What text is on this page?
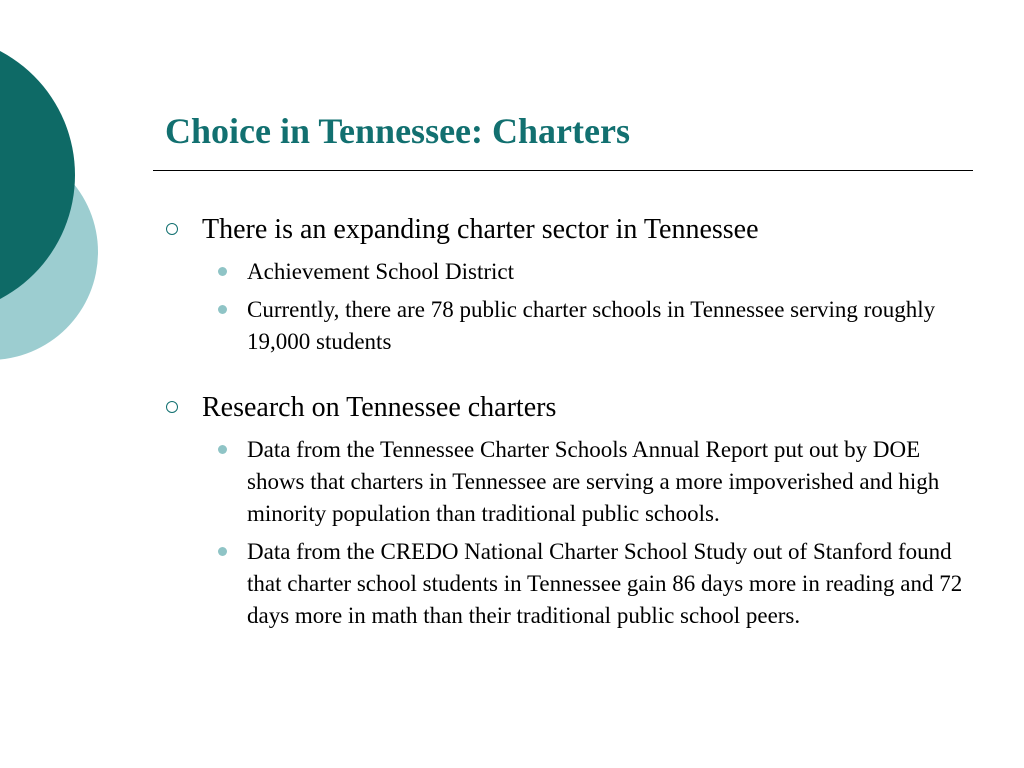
Choice in Tennessee: Charters
There is an expanding charter sector in Tennessee
Achievement School District
Currently, there are 78 public charter schools in Tennessee serving roughly 19,000 students
Research on Tennessee charters
Data from the Tennessee Charter Schools Annual Report put out by DOE shows that charters in Tennessee are serving a more impoverished and high minority population than traditional public schools.
Data from the CREDO National Charter School Study out of Stanford found that charter school students in Tennessee gain 86 days more in reading and 72 days more in math than their traditional public school peers.
